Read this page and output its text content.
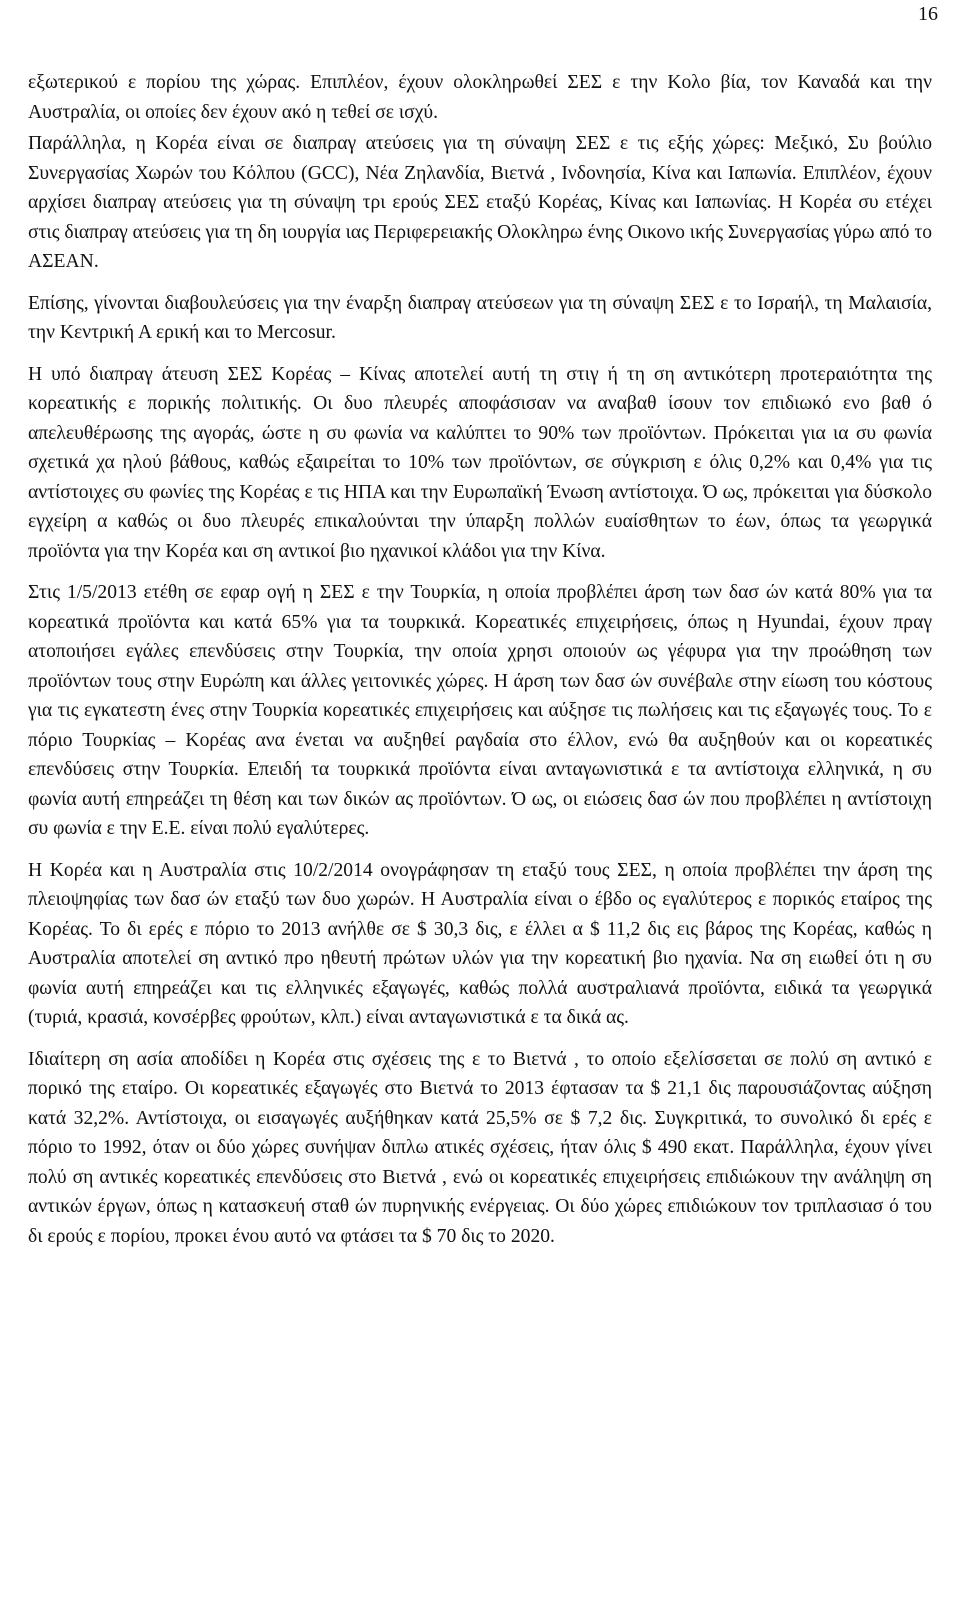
16

εξωτερικού ε πορίου της χώρας. Επιπλέον, έχουν ολοκληρωθεί ΣΕΣ ε την Κολο βία, τον Καναδά και την Αυστραλία, οι οποίες δεν έχουν ακό η τεθεί σε ισχύ.

Παράλληλα, η Κορέα είναι σε διαπραγ ατεύσεις για τη σύναψη ΣΕΣ ε τις εξής χώρες: Μεξικό, Συ βούλιο Συνεργασίας Χωρών του Κόλπου (GCC), Νέα Ζηλανδία, Βιετνά , Ινδονησία, Κίνα και Ιαπωνία. Επιπλέον, έχουν αρχίσει διαπραγ ατεύσεις για τη σύναψη τρι ερούς ΣΕΣ εταξύ Κορέας, Κίνας και Ιαπωνίας. Η Κορέα συ ετέχει στις διαπραγ ατεύσεις για τη δη ιουργία ιας Περιφερειακής Ολοκληρω ένης Οικονο ικής Συνεργασίας γύρω από το ΑΣΕΑΝ.

Επίσης, γίνονται διαβουλεύσεις για την έναρξη διαπραγ ατεύσεων για τη σύναψη ΣΕΣ ε το Ισραήλ, τη Μαλαισία, την Κεντρική Α ερική και το Mercosur.

Η υπό διαπραγ άτευση ΣΕΣ Κορέας – Κίνας αποτελεί αυτή τη στιγ ή τη ση αντικότερη προτεραιότητα της κορεατικής ε πορικής πολιτικής. Οι δυο πλευρές αποφάσισαν να αναβαθ ίσουν τον επιδιωκό ενο βαθ ό απελευθέρωσης της αγοράς, ώστε η συ φωνία να καλύπτει το 90% των προϊόντων. Πρόκειται για ια συ φωνία σχετικά χα ηλού βάθους, καθώς εξαιρείται το 10% των προϊόντων, σε σύγκριση ε όλις 0,2% και 0,4% για τις αντίστοιχες συ φωνίες της Κορέας ε τις ΗΠΑ και την Ευρωπαϊκή Ένωση αντίστοιχα. Ό ως, πρόκειται για δύσκολο εγχείρη α καθώς οι δυο πλευρές επικαλούνται την ύπαρξη πολλών ευαίσθητων το έων, όπως τα γεωργικά προϊόντα για την Κορέα και ση αντικοί βιο ηχανικοί κλάδοι για την Κίνα.

Στις 1/5/2013 ετέθη σε εφαρ ογή η ΣΕΣ ε την Τουρκία, η οποία προβλέπει άρση των δασ ών κατά 80% για τα κορεατικά προϊόντα και κατά 65% για τα τουρκικά. Κορεατικές επιχειρήσεις, όπως η Hyundai, έχουν πραγ ατοποιήσει εγάλες επενδύσεις στην Τουρκία, την οποία χρησι οποιούν ως γέφυρα για την προώθηση των προϊόντων τους στην Ευρώπη και άλλες γειτονικές χώρες. Η άρση των δασ ών συνέβαλε στην είωση του κόστους για τις εγκατεστη ένες στην Τουρκία κορεατικές επιχειρήσεις και αύξησε τις πωλήσεις και τις εξαγωγές τους. Το ε πόριο Τουρκίας – Κορέας ανα ένεται να αυξηθεί ραγδαία στο έλλον, ενώ θα αυξηθούν και οι κορεατικές επενδύσεις στην Τουρκία. Επειδή τα τουρκικά προϊόντα είναι ανταγωνιστικά ε τα αντίστοιχα ελληνικά, η συ φωνία αυτή επηρεάζει τη θέση και των δικών ας προϊόντων. Ό ως, οι ειώσεις δασ ών που προβλέπει η αντίστοιχη συ φωνία ε την Ε.Ε. είναι πολύ εγαλύτερες.

Η Κορέα και η Αυστραλία στις 10/2/2014 ονογράφησαν τη εταξύ τους ΣΕΣ, η οποία προβλέπει την άρση της πλειοψηφίας των δασ ών εταξύ των δυο χωρών. Η Αυστραλία είναι ο έβδο ος εγαλύτερος ε πορικός εταίρος της Κορέας. Το δι ερές ε πόριο το 2013 ανήλθε σε $ 30,3 δις, ε έλλει α $ 11,2 δις εις βάρος της Κορέας, καθώς η Αυστραλία αποτελεί ση αντικό προ ηθευτή πρώτων υλών για την κορεατική βιο ηχανία. Να ση ειωθεί ότι η συ φωνία αυτή επηρεάζει και τις ελληνικές εξαγωγές, καθώς πολλά αυστραλιανά προϊόντα, ειδικά τα γεωργικά (τυριά, κρασιά, κονσέρβες φρούτων, κλπ.) είναι ανταγωνιστικά ε τα δικά ας.

Ιδιαίτερη ση ασία αποδίδει η Κορέα στις σχέσεις της ε το Βιετνά , το οποίο εξελίσσεται σε πολύ ση αντικό ε πορικό της εταίρο. Οι κορεατικές εξαγωγές στο Βιετνά το 2013 έφτασαν τα $ 21,1 δις παρουσιάζοντας αύξηση κατά 32,2%. Αντίστοιχα, οι εισαγωγές αυξήθηκαν κατά 25,5% σε $ 7,2 δις. Συγκριτικά, το συνολικό δι ερές ε πόριο το 1992, όταν οι δύο χώρες συνήψαν διπλω ατικές σχέσεις, ήταν όλις $ 490 εκατ. Παράλληλα, έχουν γίνει πολύ ση αντικές κορεατικές επενδύσεις στο Βιετνά , ενώ οι κορεατικές επιχειρήσεις επιδιώκουν την ανάληψη ση αντικών έργων, όπως η κατασκευή σταθ ών πυρηνικής ενέργειας. Οι δύο χώρες επιδιώκουν τον τριπλασιασ ό του δι ερούς ε πορίου, προκει ένου αυτό να φτάσει τα $ 70 δις το 2020.
